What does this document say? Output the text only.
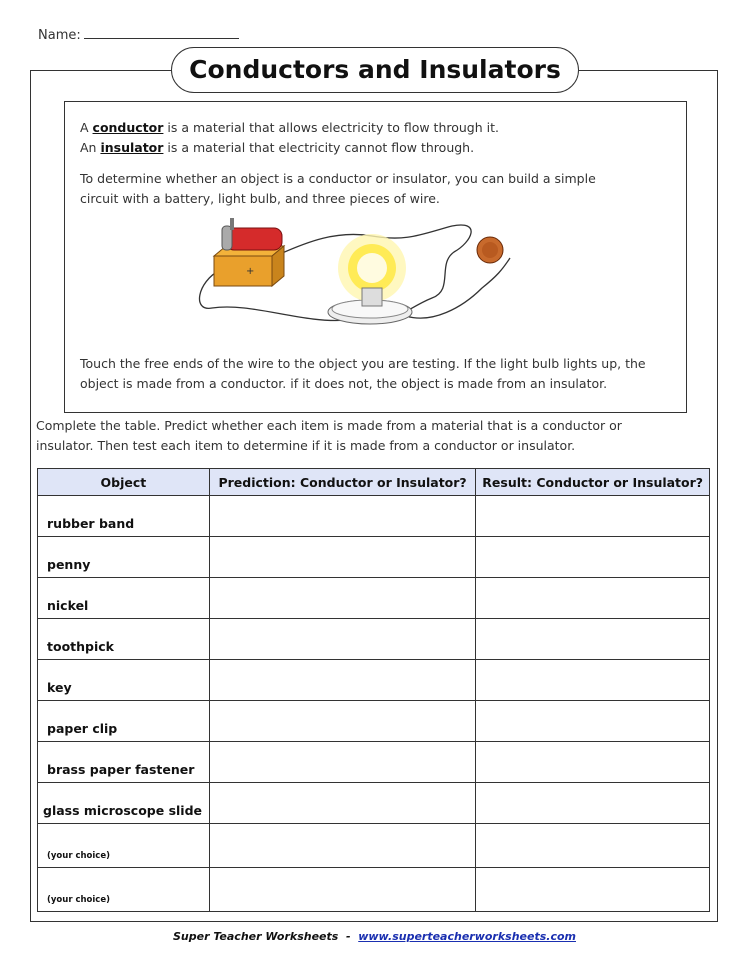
Name:
Conductors and Insulators
A conductor is a material that allows electricity to flow through it.
An insulator is a material that electricity cannot flow through.
To determine whether an object is a conductor or insulator, you can build a simple
circuit with a battery, light bulb, and three pieces of wire.
+
Touch the free ends of the wire to the object you are testing. If the light bulb lights up, the
object is made from a conductor. if it does not, the object is made from an insulator.
Complete the table. Predict whether each item is made from a material that is a conductor or
insulator. Then test each item to determine if it is made from a conductor or insulator.
Object	Prediction: Conductor or Insulator?	Result: Conductor or Insulator?
rubber band		
penny		
nickel		
toothpick		
key		
paper clip		
brass paper fastener		
glass microscope slide		
(your choice)		
(your choice)		
Super Teacher Worksheets - www.superteacherworksheets.com
